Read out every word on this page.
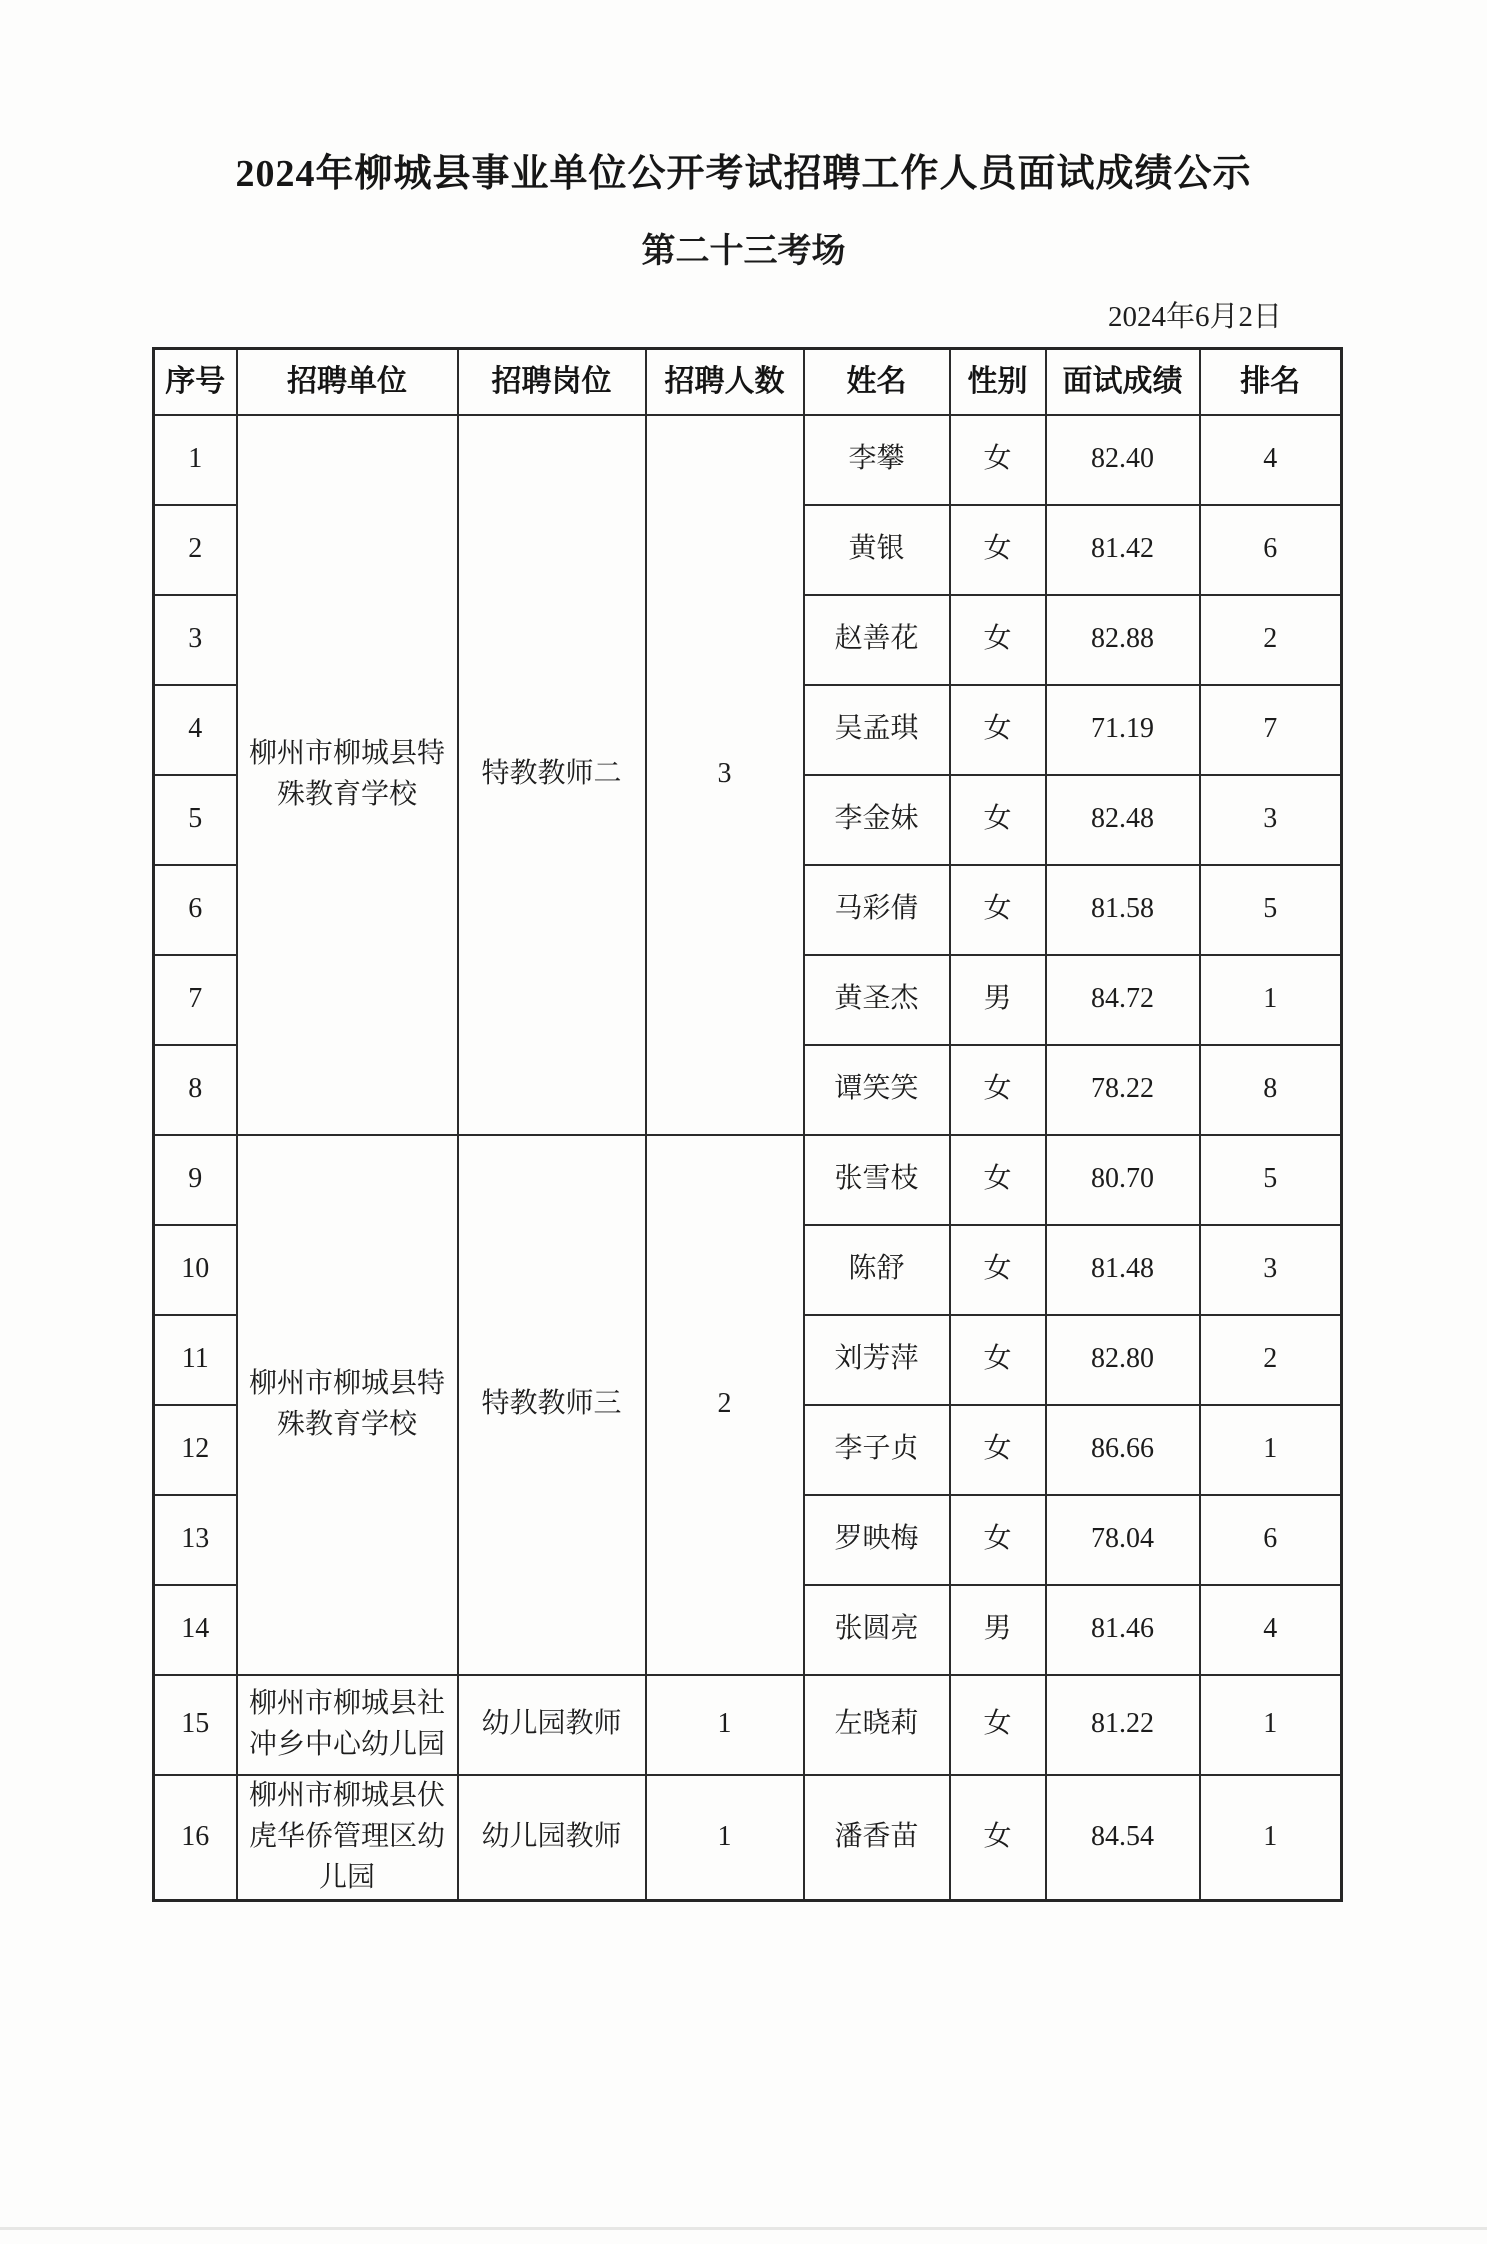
2024年柳城县事业单位公开考试招聘工作人员面试成绩公示
第二十三考场
2024年6月2日
序号	招聘单位	招聘岗位	招聘人数	姓名	性别	面试成绩	排名
1	柳州市柳城县特殊教育学校	特教教师二	3	李攀	女	82.40	4
2				黄银	女	81.42	6
3				赵善花	女	82.88	2
4				吴孟琪	女	71.19	7
5				李金妹	女	82.48	3
6				马彩倩	女	81.58	5
7				黄圣杰	男	84.72	1
8				谭笑笑	女	78.22	8
9	柳州市柳城县特殊教育学校	特教教师三	2	张雪枝	女	80.70	5
10				陈舒	女	81.48	3
11				刘芳萍	女	82.80	2
12				李子贞	女	86.66	1
13				罗映梅	女	78.04	6
14				张圆亮	男	81.46	4
15	柳州市柳城县社冲乡中心幼儿园	幼儿园教师	1	左晓莉	女	81.22	1
16	柳州市柳城县伏虎华侨管理区幼儿园	幼儿园教师	1	潘香苗	女	84.54	1
